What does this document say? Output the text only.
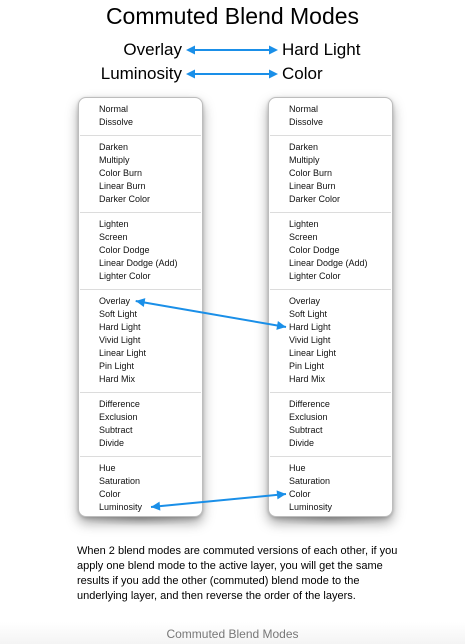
Commuted Blend Modes
Overlay	Hard Light
Luminosity	Color
Normal
Dissolve
Darken
Multiply
Color Burn
Linear Burn
Darker Color
Lighten
Screen
Color Dodge
Linear Dodge (Add)
Lighter Color
Overlay
Soft Light
Hard Light
Vivid Light
Linear Light
Pin Light
Hard Mix
Difference
Exclusion
Subtract
Divide
Hue
Saturation
Color
Luminosity
Normal
Dissolve
Darken
Multiply
Color Burn
Linear Burn
Darker Color
Lighten
Screen
Color Dodge
Linear Dodge (Add)
Lighter Color
Overlay
Soft Light
Hard Light
Vivid Light
Linear Light
Pin Light
Hard Mix
Difference
Exclusion
Subtract
Divide
Hue
Saturation
Color
Luminosity
When 2 blend modes are commuted versions of each other, if you apply one blend mode to the active layer, you will get the same results if you add the other (commuted) blend mode to the underlying layer, and then reverse the order of the layers.
Commuted Blend Modes
